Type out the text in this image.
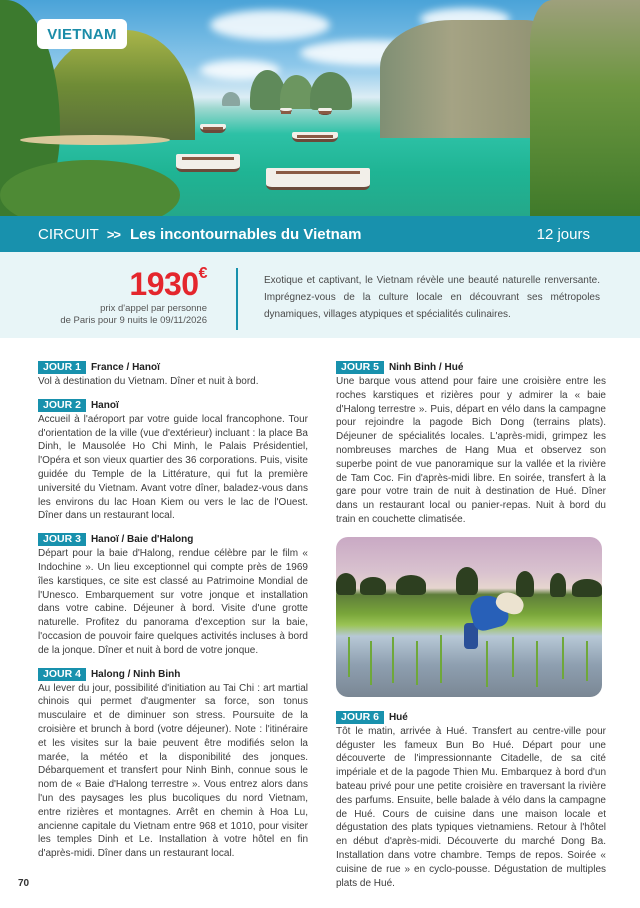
VIETNAM
CIRCUIT >> Les incontournables du Vietnam	12 jours
1930€
prix d'appel par personne
de Paris pour 9 nuits le 09/11/2026

Exotique et captivant, le Vietnam révèle une beauté naturelle renversante. Imprégnez-vous de la culture locale en découvrant ses métropoles dynamiques, villages atypiques et spécialités culinaires.

JOUR 1	France / Hanoï

Vol à destination du Vietnam. Dîner et nuit à bord.

JOUR 2	Hanoï

Accueil à l'aéroport par votre guide local francophone. Tour d'orientation de la ville (vue d'extérieur) incluant : la place Ba Dinh, le Mausolée Ho Chi Minh, le Palais Présidentiel, l'Opéra et son vieux quartier des 36 corporations. Puis, visite guidée du Temple de la Littérature, qui fut la première université du Vietnam. Avant votre dîner, baladez-vous dans les environs du lac Hoan Kiem ou vers le lac de l'Ouest. Dîner dans un restaurant local.

JOUR 3	Hanoï / Baie d'Halong

Départ pour la baie d'Halong, rendue célèbre par le film « Indochine ». Un lieu exceptionnel qui compte près de 1969 îles karstiques, ce site est classé au Patrimoine Mondial de l'Unesco. Embarquement sur votre jonque et installation dans votre cabine. Déjeuner à bord. Visite d'une grotte naturelle. Profitez du panorama d'exception sur la baie, l'occasion de pouvoir faire quelques activités incluses à bord de la jonque. Dîner et nuit à bord de votre jonque.

JOUR 4	Halong / Ninh Binh

Au lever du jour, possibilité d'initiation au Tai Chi : art martial chinois qui permet d'augmenter sa force, son tonus musculaire et de diminuer son stress. Poursuite de la croisière et brunch à bord (votre déjeuner). Note : l'itinéraire et les visites sur la baie peuvent être modifiés selon la marée, la météo et la disponibilité des jonques. Débarquement et transfert pour Ninh Binh, connue sous le nom de « Baie d'Halong terrestre ». Vous entrez alors dans l'un des paysages les plus bucoliques du nord Vietnam, entre rizières et montagnes. Arrêt en chemin à Hoa Lu, ancienne capitale du Vietnam entre 968 et 1010, pour visiter les temples Dinh et Le. Installation à votre hôtel en fin d'après-midi. Dîner dans un restaurant local.

JOUR 5	Ninh Binh / Hué

Une barque vous attend pour faire une croisière entre les roches karstiques et rizières pour y admirer la « baie d'Halong terrestre ». Puis, départ en vélo dans la campagne pour rejoindre la pagode Bich Dong (terrains plats). Déjeuner de spécialités locales. L'après-midi, grimpez les nombreuses marches de Hang Mua et observez son superbe point de vue panoramique sur la vallée et la rivière de Tam Coc. Fin d'après-midi libre. En soirée, transfert à la gare pour votre train de nuit à destination de Hué. Dîner dans un restaurant local ou panier-repas. Nuit à bord du train en couchette climatisée.

JOUR 6	Hué

Tôt le matin, arrivée à Hué. Transfert au centre-ville pour déguster les fameux Bun Bo Hué. Départ pour une découverte de l'impressionnante Citadelle, de sa cité impériale et de la pagode Thien Mu. Embarquez à bord d'un bateau privé pour une petite croisière en traversant la rivière des parfums. Ensuite, belle balade à vélo dans la campagne de Hué. Cours de cuisine dans une maison locale et dégustation des plats typiques vietnamiens. Retour à l'hôtel en début d'après-midi. Découverte du marché Dong Ba. Installation dans votre chambre. Temps de repos. Soirée « cuisine de rue » en cyclo-pousse. Dégustation de multiples plats de Hué.

70
